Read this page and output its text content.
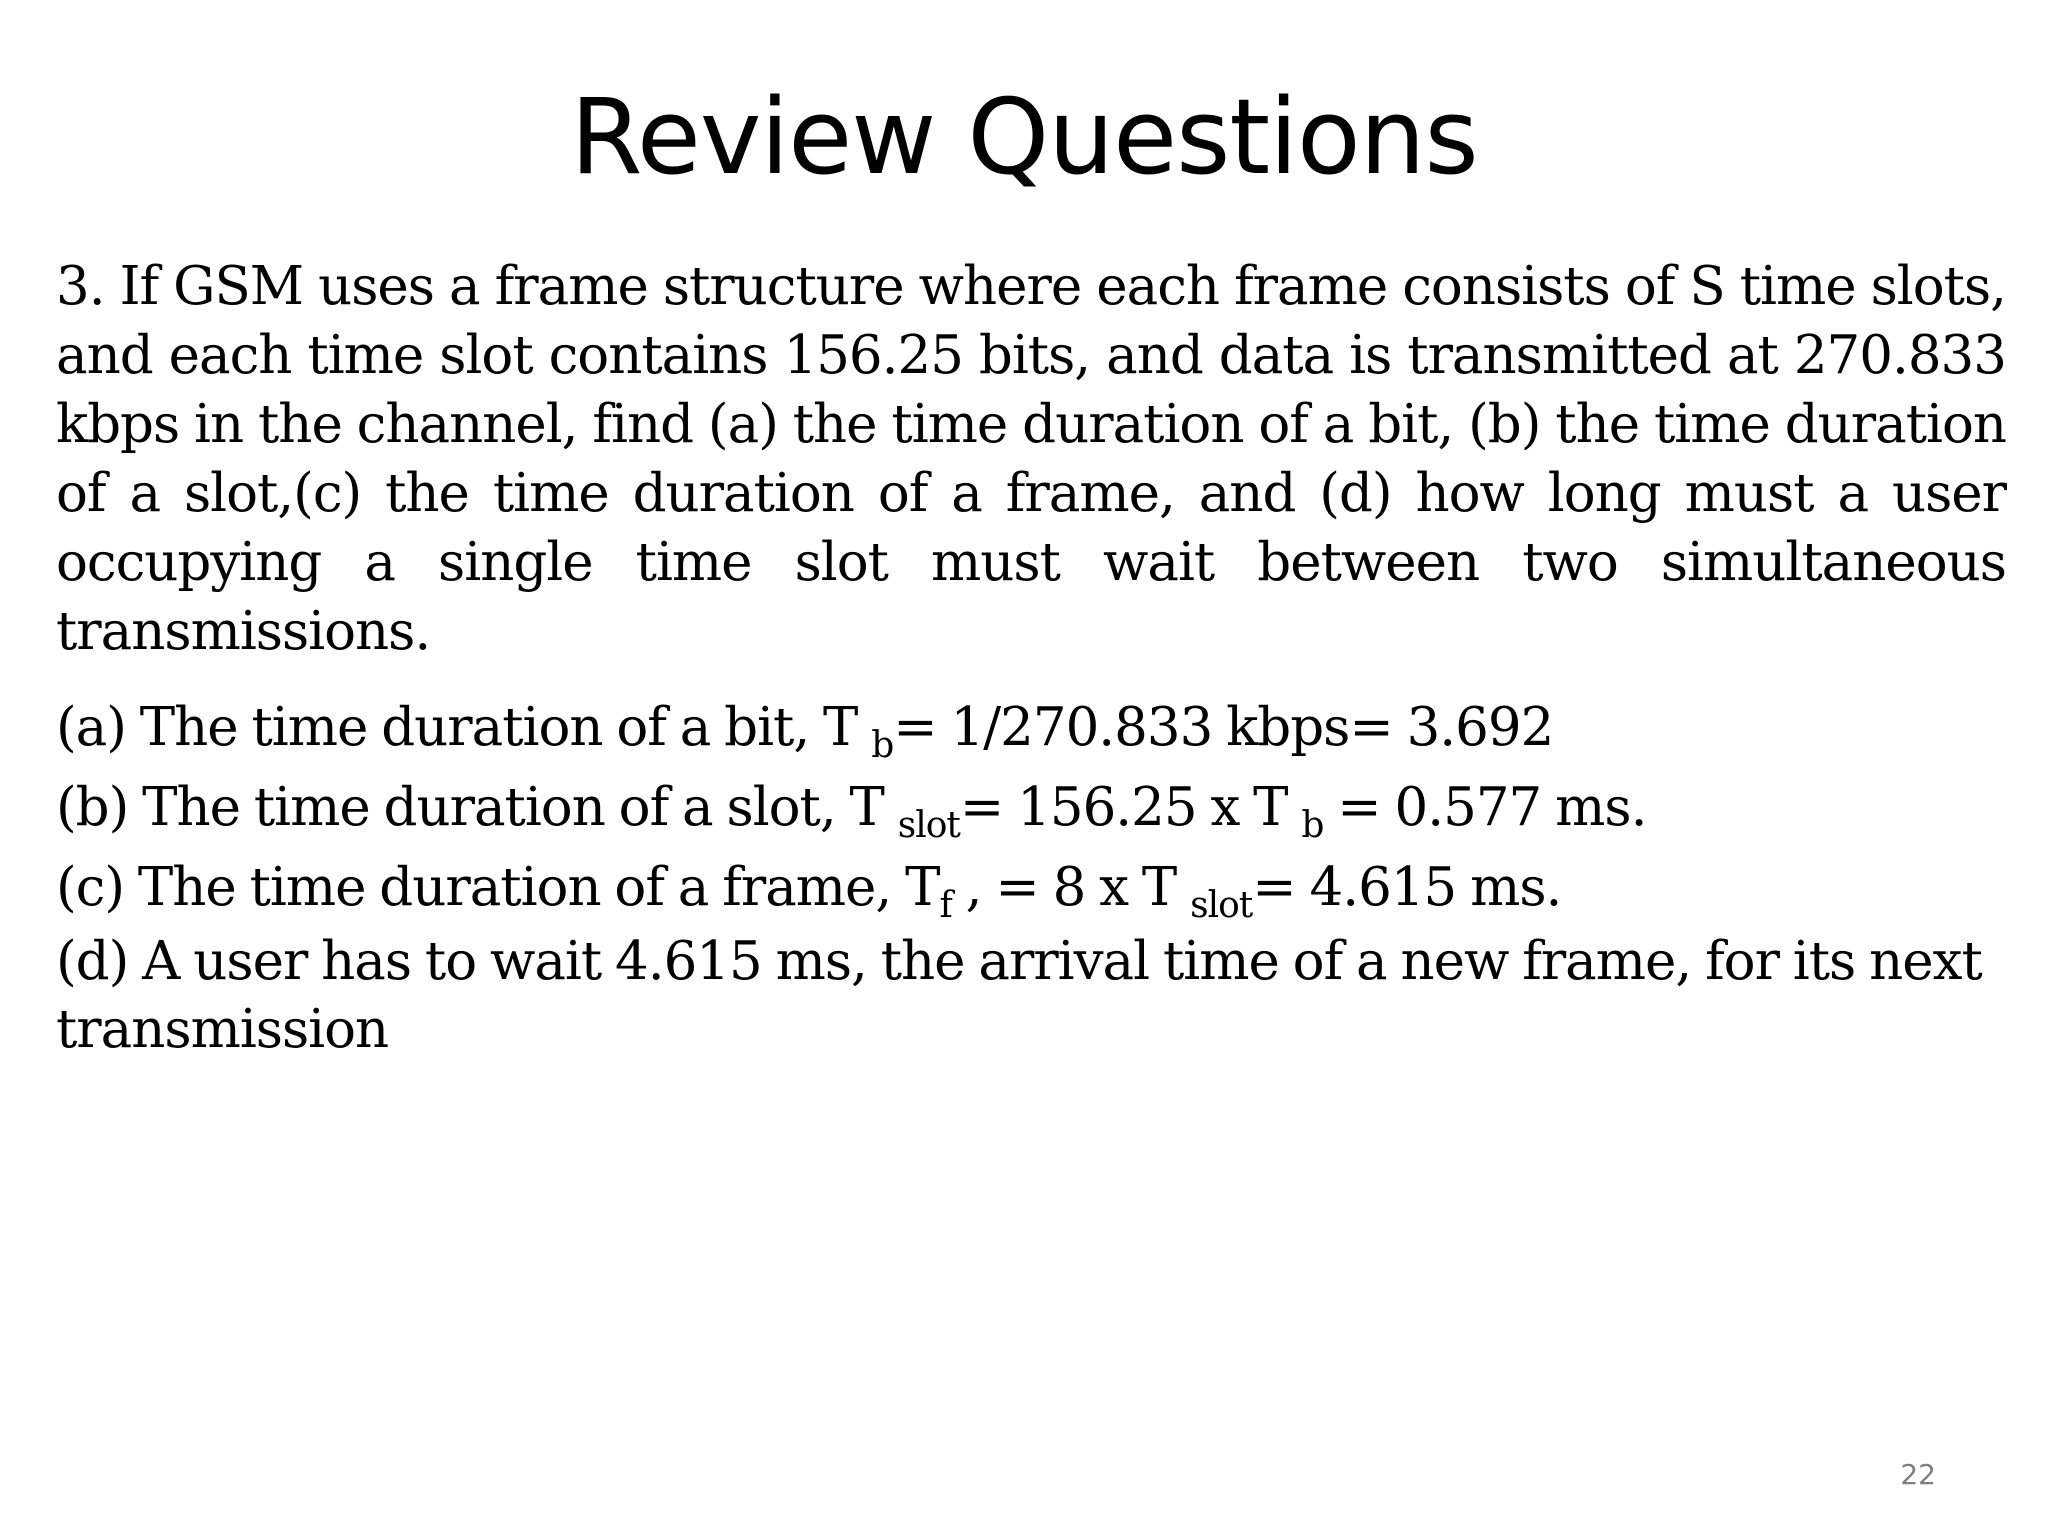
Review Questions

3. If GSM uses a frame structure where each frame consists of S time slots, and each time slot contains 156.25 bits, and data is transmitted at 270.833 kbps in the channel, find (a) the time duration of a bit, (b) the time duration of a slot,(c) the time duration of a frame, and (d) how long must a user occupying a single time slot must wait between two simultaneous transmissions.

(a) The time duration of a bit, T $_b$= 1/270.833 kbps= 3.692
(b) The time duration of a slot, T $_{slot}$= 156.25 x T $_b$ = 0.577 ms.
(c) The time duration of a frame, $T_f$ , = 8 x T $_{slot}$= 4.615 ms.
(d) A user has to wait 4.615 ms, the arrival time of a new frame, for its next transmission
22
